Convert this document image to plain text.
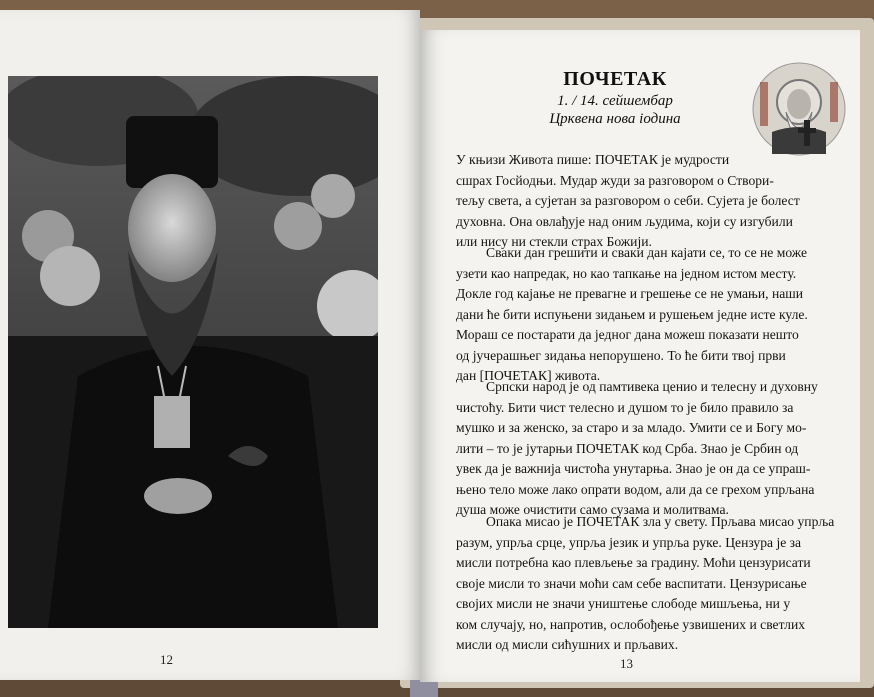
12
ПОЧЕТАК
1. / 14. сейшембар
Црквена нова іодина
У књизи Живота пише: ПОЧЕТАК је мудрости
сшрах Госйодњи. Мудар жуди за разговором о Створи-
тељу света, а сујетан за разговором о себи. Сујета је болест
духовна. Она овлађује над оним људима, који су изгубили
или нису ни стекли страх Божији.
Сваки дан грешити и сваки дан кајати се, то се не може
узети као напредак, но као тапкање на једном истом месту.
Докле год кајање не превагне и грешење се не умањи, наши
дани ће бити испуњени зидањем и рушењем једне исте куле.
Мораш се постарати да једног дана можеш показати нешто
од јучерашњег зидања непорушено. То ће бити твој први
дан [ПОЧЕТАК] живота.
Српски народ је од памтивека ценио и телесну и духовну
чистоћу. Бити чист телесно и душом то је било правило за
мушко и за женско, за старо и за младо. Умити се и Богу мо-
лити – то је јутарњи ПОЧЕТАК код Срба. Знао је Србин од
увек да је важнија чистоћа унутарња. Знао је он да се упраш-
њено тело може лако опрати водом, али да се грехом упрљана
душа може очистити само сузама и молитвама.
Опака мисао је ПОЧЕТАК зла у свету. Прљава мисао упрља
разум, упрља срце, упрља језик и упрља руке. Цензура је за
мисли потребна као плевљење за градину. Моћи цензурисати
своје мисли то значи моћи сам себе васпитати. Цензурисање
својих мисли не значи уништење слободе мишљења, ни у
ком случају, но, напротив, ослобођење узвишених и светлих
мисли од мисли сићушних и прљавих.
13
